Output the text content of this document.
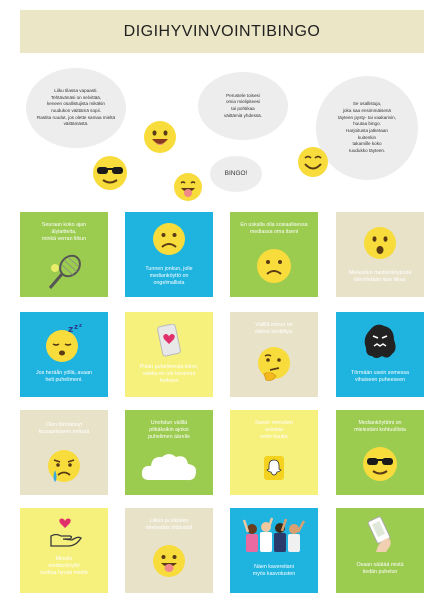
DIGIHYVINVOINTIBINGO
Liiku tilassa vapaasti.
Tehtävänäsi on selvittää,
keneen osallistujista mikäkin
ruudukon väittämä sopii.
Rastita ruudut, jos olette samaa mieltä
väittämästä.
Perustele toisesi
omia mielipiteesi
tai pohtikaa
väittämiä yhdessä.
Se osallistuja,
joka saa ensimmäisenä
täyteen pysty- tai vaakarivin,
huutaa bingo.
Harjoitusta jatketaan
kuitenkin
takamille koko
ruudukko täyteen.
BINGO!
Seuraan koko ajan
älylaitteita,
minkä verran liikun
Tunnen jonkun, jolle
medianköyttö on
ongelmallista
En uskalla olla sosiaalisessa
mediassa oma itseni
Mielestäni medianköytöstä
kiinnitetään liian liikaa
z z z
Jos heräån yöllä, avaan
heti puhelimeni.
Pidän puhelimesta kiinni,
vaikka en ole tarvinnut
hetkeen
Välillä minun on
vaikea keskittyä.
Törmään usein somessa
vihaiseen puheeseen
Olen törmännyt
kiusaamiseen netissä
Unohdun välillä
pitkäksikin ajoksi
puhelimen äärelle
Sanon mieluiten
asioista
netin kautta
Medianköyttöni on
mielestäni kohtuullista
Minulle
medianköyttö
tuottaa hyvää mieltä
Liikun ja ulkoilen
mielestäni riittävästi
Näen kavereitani
myös kasvotusten
Osaan säätää mistä
tiedän puhelun
